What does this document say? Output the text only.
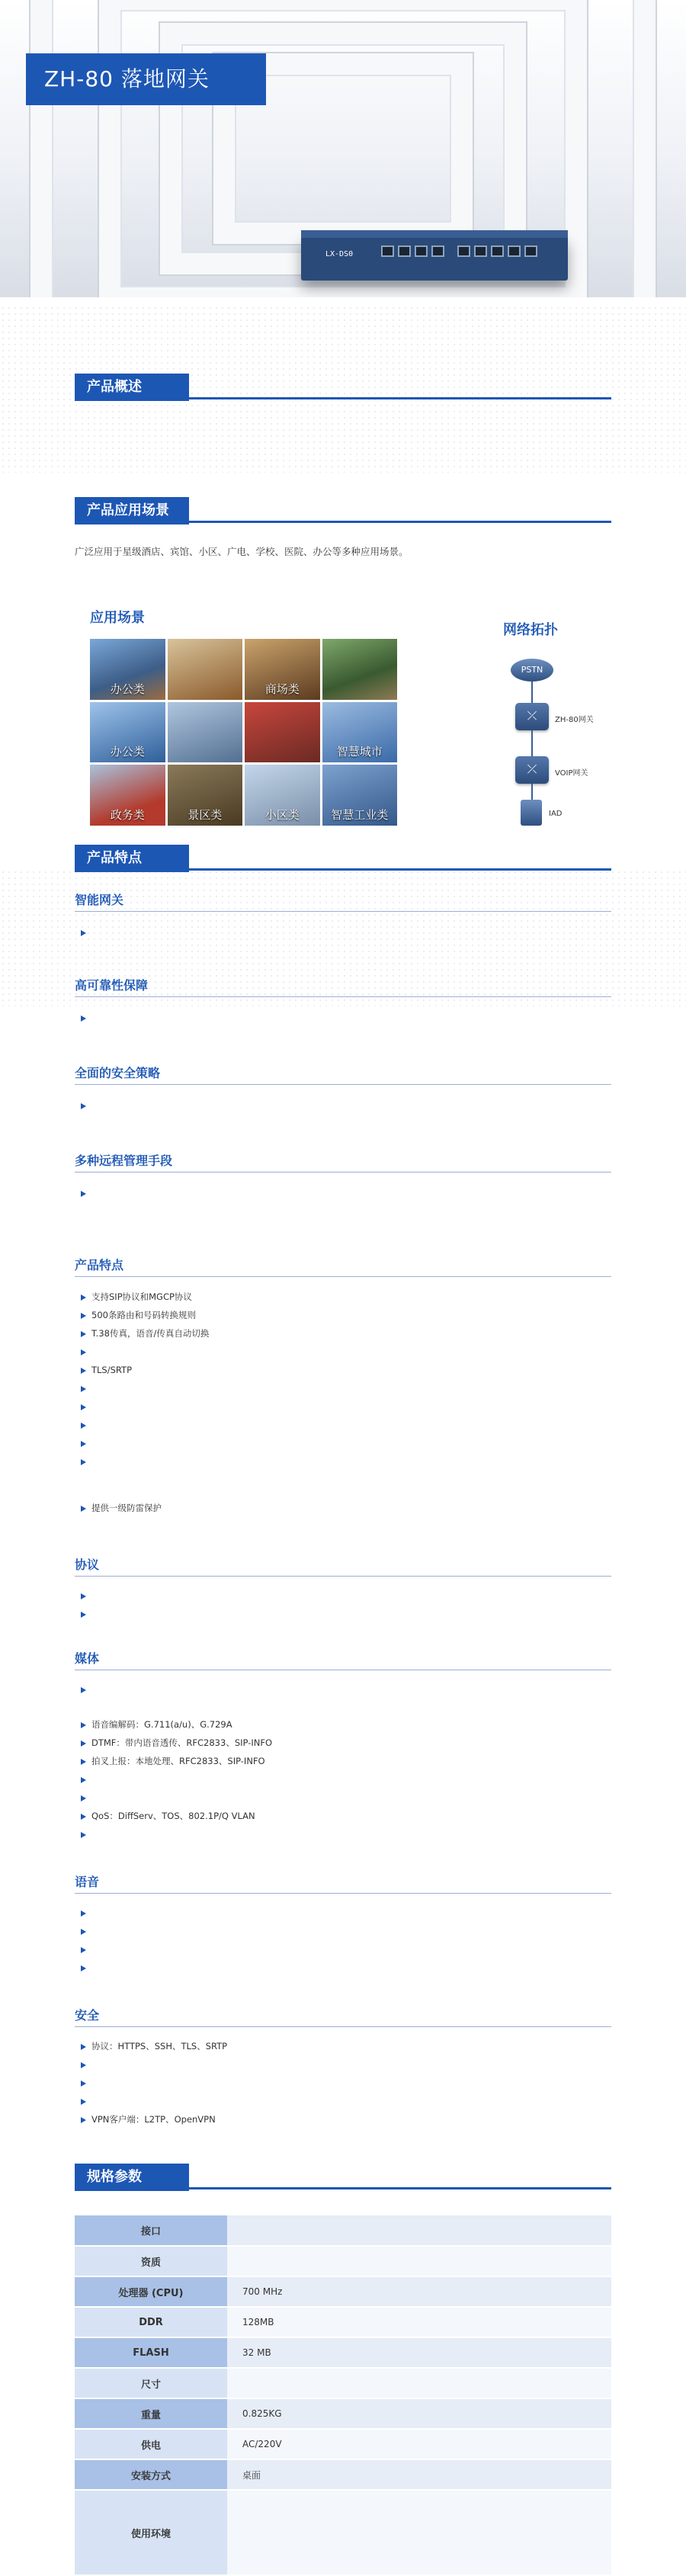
ZH-80 落地网关
LX-DS0
产品概述
产品应用场景
广泛应用于星级酒店、宾馆、小区、广电、学校、医院、办公等多种应用场景。
网络拓扑
应用场景
办公类	商场类
办公类	智慧城市
政务类	景区类	小区类	智慧工业类
PSTN
⤫
ZH-80网关
⤫
VOIP网关
IAD
产品特点
智能网关
高可靠性保障
全面的安全策略
多种远程管理手段
产品特点
支持SIP协议和MGCP协议
500条路由和号码转换规则
T.38传真，语音/传真自动切换
TLS/SRTP
提供一级防雷保护
协议
媒体
语音编解码：G.711(a/u)、G.729A
DTMF：带内语音透传、RFC2833、SIP-INFO
拍叉上报：本地处理、RFC2833、SIP-INFO
QoS：DiffServ、TOS、802.1P/Q VLAN
语音
安全
协议：HTTPS、SSH、TLS、SRTP
VPN客户端：L2TP、OpenVPN
规格参数
接口	
资质	
处理器 (CPU)	700 MHz
DDR	128MB
FLASH	32 MB
尺寸	
重量	0.825KG
供电	AC/220V
安装方式	桌面
使用环境	
